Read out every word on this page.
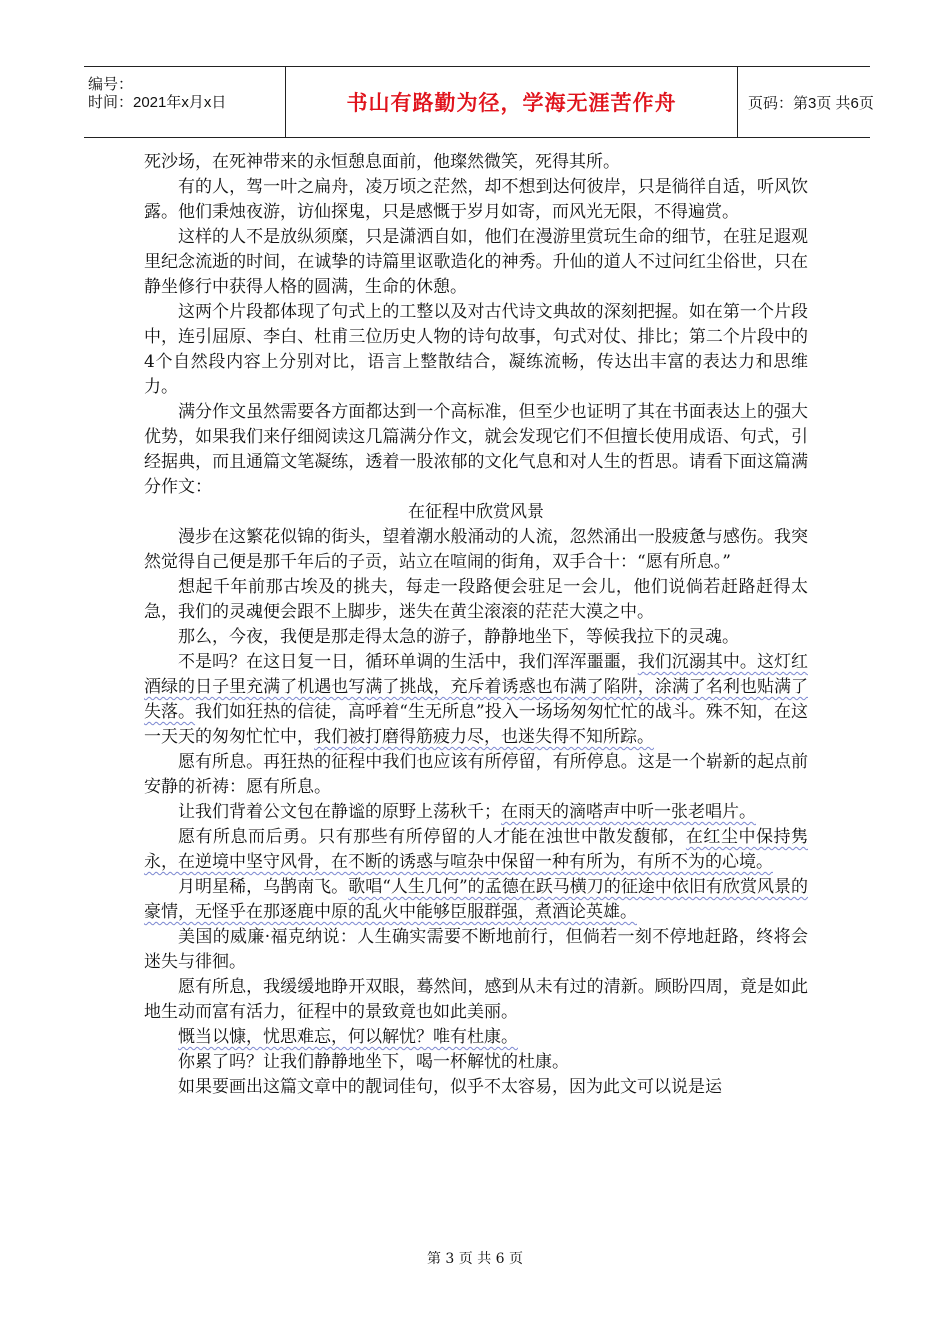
编号：
时间：2021年x月x日	书山有路勤为径，学海无涯苦作舟	页码：第3页 共6页

死沙场，在死神带来的永恒憩息面前，他璨然微笑，死得其所。

有的人，驾一叶之扁舟，凌万顷之茫然，却不想到达何彼岸，只是徜徉自适，听风饮露。他们秉烛夜游，访仙探鬼，只是感慨于岁月如寄，而风光无限，不得遍赏。

这样的人不是放纵须糜，只是潇洒自如，他们在漫游里赏玩生命的细节，在驻足遐观里纪念流逝的时间，在诚挚的诗篇里讴歌造化的神秀。升仙的道人不过问红尘俗世，只在静坐修行中获得人格的圆满，生命的休憩。

这两个片段都体现了句式上的工整以及对古代诗文典故的深刻把握。如在第一个片段中，连引屈原、李白、杜甫三位历史人物的诗句故事，句式对仗、排比；第二个片段中的4个自然段内容上分别对比，语言上整散结合，凝练流畅，传达出丰富的表达力和思维力。

满分作文虽然需要各方面都达到一个高标准，但至少也证明了其在书面表达上的强大优势，如果我们来仔细阅读这几篇满分作文，就会发现它们不但擅长使用成语、句式，引经据典，而且通篇文笔凝练，透着一股浓郁的文化气息和对人生的哲思。请看下面这篇满分作文：

在征程中欣赏风景

漫步在这繁花似锦的街头，望着潮水般涌动的人流，忽然涌出一股疲惫与感伤。我突然觉得自己便是那千年后的子贡，站立在喧闹的街角，双手合十：“愿有所息。”

想起千年前那古埃及的挑夫，每走一段路便会驻足一会儿，他们说倘若赶路赶得太急，我们的灵魂便会跟不上脚步，迷失在黄尘滚滚的茫茫大漠之中。

那么，今夜，我便是那走得太急的游子，静静地坐下，等候我拉下的灵魂。

不是吗？在这日复一日，循环单调的生活中，我们浑浑噩噩，我们沉溺其中。这灯红酒绿的日子里充满了机遇也写满了挑战，充斥着诱惑也布满了陷阱，涂满了名利也贴满了失落。我们如狂热的信徒，高呼着“生无所息”投入一场场匆匆忙忙的战斗。殊不知，在这一天天的匆匆忙忙中，我们被打磨得筋疲力尽，也迷失得不知所踪。

愿有所息。再狂热的征程中我们也应该有所停留，有所停息。这是一个崭新的起点前安静的祈祷：愿有所息。

让我们背着公文包在静谧的原野上荡秋千；在雨天的滴嗒声中听一张老唱片。

愿有所息而后勇。只有那些有所停留的人才能在浊世中散发馥郁，在红尘中保持隽永，在逆境中坚守风骨，在不断的诱惑与喧杂中保留一种有所为，有所不为的心境。

月明星稀，乌鹊南飞。歌唱“人生几何”的孟德在跃马横刀的征途中依旧有欣赏风景的豪情，无怪乎在那逐鹿中原的乱火中能够臣服群强，煮酒论英雄。

美国的威廉·福克纳说：人生确实需要不断地前行，但倘若一刻不停地赶路，终将会迷失与徘徊。

愿有所息，我缓缓地睁开双眼，蓦然间，感到从未有过的清新。顾盼四周，竟是如此地生动而富有活力，征程中的景致竟也如此美丽。

慨当以慷，忧思难忘，何以解忧？唯有杜康。

你累了吗？让我们静静地坐下，喝一杯解忧的杜康。

如果要画出这篇文章中的靓词佳句，似乎不太容易，因为此文可以说是运

第 3 页 共 6 页
